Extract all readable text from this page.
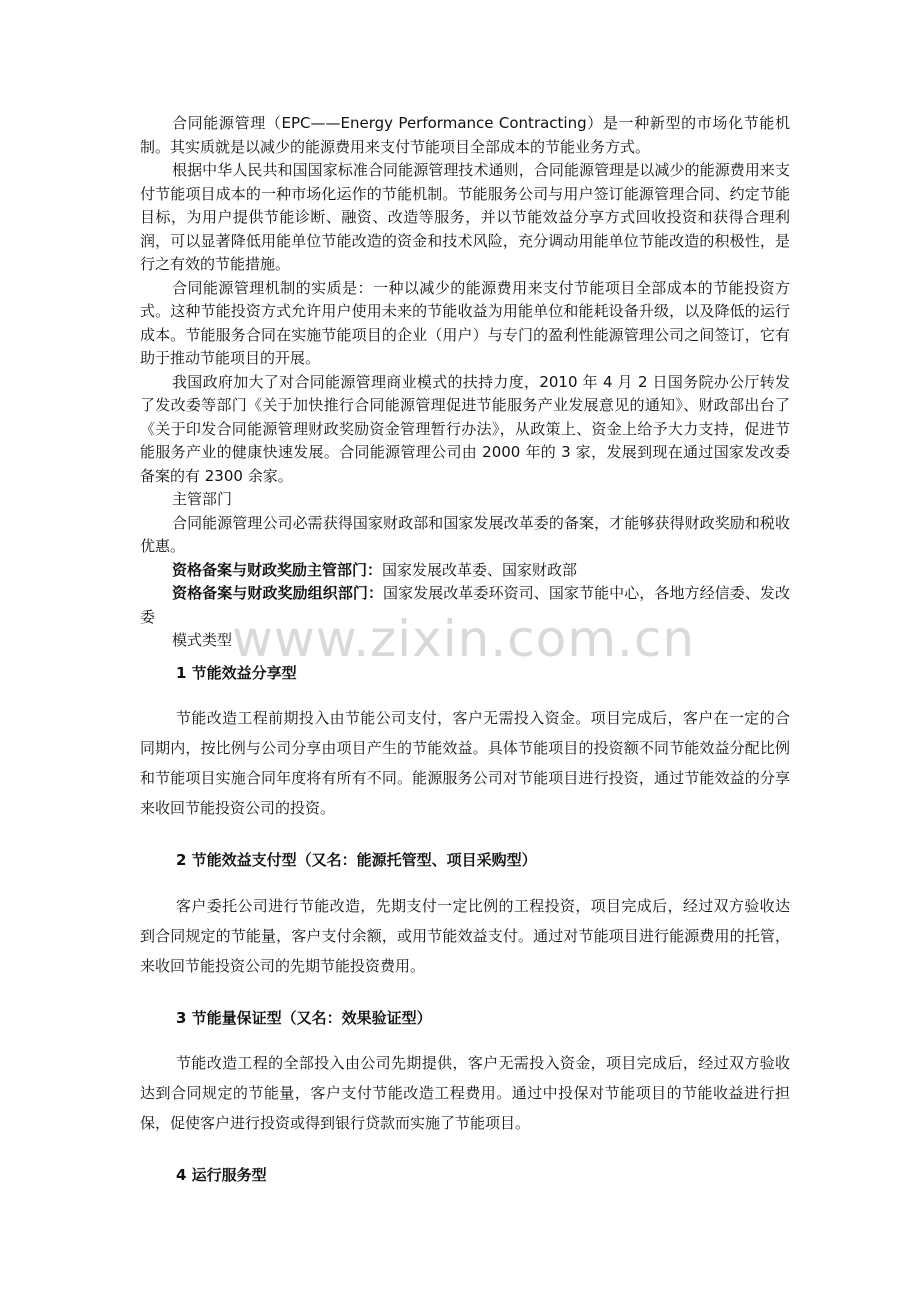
www.zixin.com.cn

合同能源管理（EPC——Energy Performance Contracting）是一种新型的市场化节能机制。其实质就是以减少的能源费用来支付节能项目全部成本的节能业务方式。

根据中华人民共和国国家标准合同能源管理技术通则，合同能源管理是以减少的能源费用来支付节能项目成本的一种市场化运作的节能机制。节能服务公司与用户签订能源管理合同、约定节能目标，为用户提供节能诊断、融资、改造等服务，并以节能效益分享方式回收投资和获得合理利润，可以显著降低用能单位节能改造的资金和技术风险，充分调动用能单位节能改造的积极性，是行之有效的节能措施。

合同能源管理机制的实质是：一种以减少的能源费用来支付节能项目全部成本的节能投资方式。这种节能投资方式允许用户使用未来的节能收益为用能单位和能耗设备升级，以及降低的运行成本。节能服务合同在实施节能项目的企业（用户）与专门的盈利性能源管理公司之间签订，它有助于推动节能项目的开展。

我国政府加大了对合同能源管理商业模式的扶持力度，2010 年 4 月 2 日国务院办公厅转发了发改委等部门《关于加快推行合同能源管理促进节能服务产业发展意见的通知》、财政部出台了《关于印发合同能源管理财政奖励资金管理暂行办法》，从政策上、资金上给予大力支持，促进节能服务产业的健康快速发展。合同能源管理公司由 2000 年的 3 家，发展到现在通过国家发改委备案的有 2300 余家。

主管部门

合同能源管理公司必需获得国家财政部和国家发展改革委的备案，才能够获得财政奖励和税收优惠。

资格备案与财政奖励主管部门：国家发展改革委、国家财政部

资格备案与财政奖励组织部门：国家发展改革委环资司、国家节能中心，各地方经信委、发改委

模式类型

1 节能效益分享型

节能改造工程前期投入由节能公司支付，客户无需投入资金。项目完成后，客户在一定的合同期内，按比例与公司分享由项目产生的节能效益。具体节能项目的投资额不同节能效益分配比例和节能项目实施合同年度将有所有不同。能源服务公司对节能项目进行投资，通过节能效益的分享来收回节能投资公司的投资。

2 节能效益支付型（又名：能源托管型、项目采购型）

客户委托公司进行节能改造，先期支付一定比例的工程投资，项目完成后，经过双方验收达到合同规定的节能量，客户支付余额，或用节能效益支付。通过对节能项目进行能源费用的托管，来收回节能投资公司的先期节能投资费用。

3 节能量保证型（又名：效果验证型）

节能改造工程的全部投入由公司先期提供，客户无需投入资金，项目完成后，经过双方验收达到合同规定的节能量，客户支付节能改造工程费用。通过中投保对节能项目的节能收益进行担保，促使客户进行投资或得到银行贷款而实施了节能项目。

4 运行服务型
